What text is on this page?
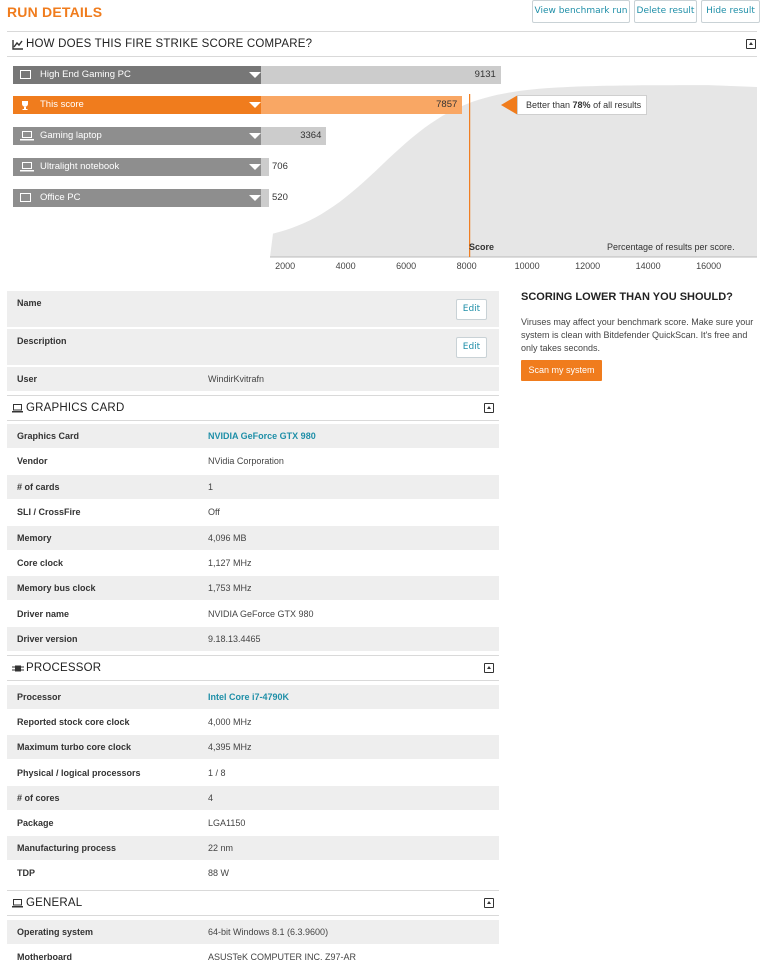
RUN DETAILS	View benchmark run Delete result	Hide result
HOW DOES THIS FIRE STRIKE SCORE COMPARE?
High End Gaming PC	9131
This score	7857
Gaming laptop	3364
Ultralight notebook	706
Office PC	520
Score	Percentage of results per score.
2000	4000	6000	8000	10000	12000	14000	16000
Better than 78% of all results
Name
Edit
Description
Edit
User	WindirKvitrafn
GRAPHICS CARD
Graphics Card	NVIDIA GeForce GTX 980
Vendor	NVidia Corporation
# of cards	1
SLI / CrossFire	Off
Memory	4,096 MB
Core clock	1,127 MHz
Memory bus clock	1,753 MHz
Driver name	NVIDIA GeForce GTX 980
Driver version	9.18.13.4465
PROCESSOR
Processor	Intel Core i7-4790K
Reported stock core clock	4,000 MHz
Maximum turbo core clock	4,395 MHz
Physical / logical processors	1 / 8
# of cores	4
Package	LGA1150
Manufacturing process	22 nm
TDP	88 W
GENERAL
Operating system	64-bit Windows 8.1 (6.3.9600)
Motherboard	ASUSTeK COMPUTER INC. Z97-AR
SCORING LOWER THAN YOU SHOULD?
Viruses may affect your benchmark score. Make sure your system is clean with Bitdefender QuickScan. It's free and only takes seconds.
Scan my system
